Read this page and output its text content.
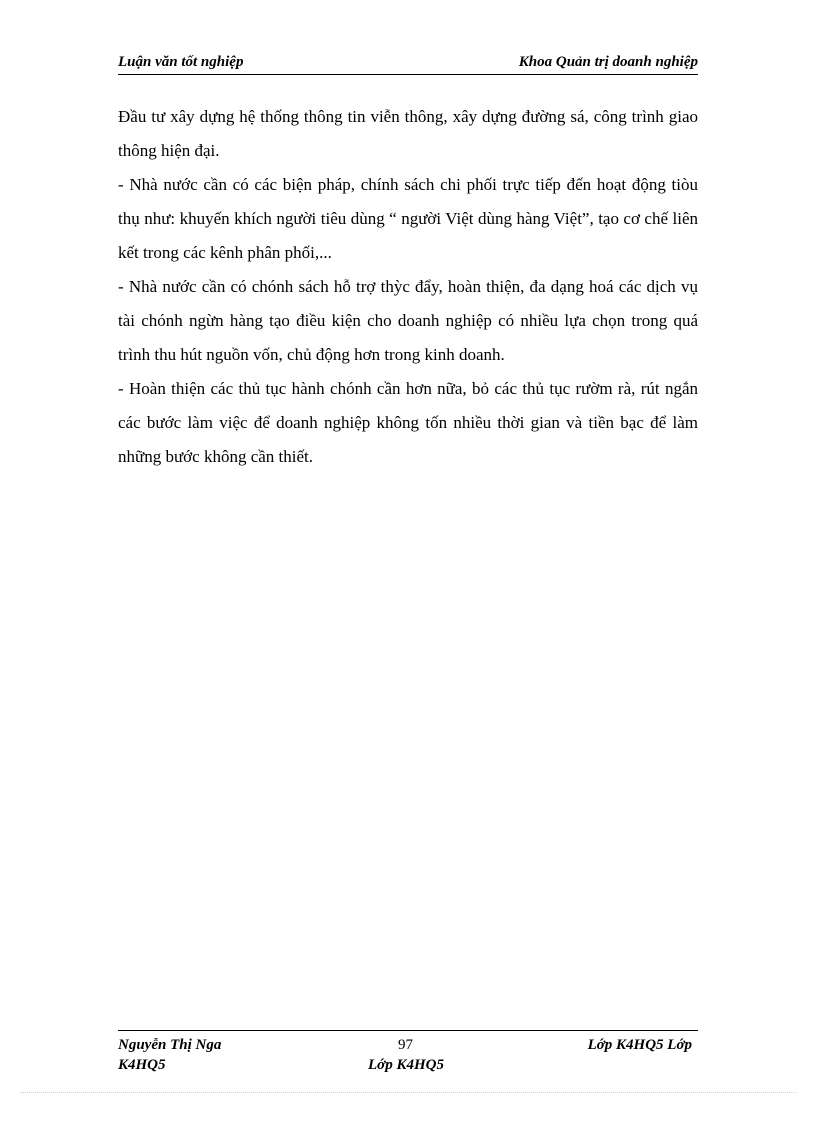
Luận văn tốt nghiệp	Khoa Quản trị doanh nghiệp

Đầu tư xây dựng hệ thống thông tin viễn thông, xây dựng đường sá, công trình giao thông hiện đại.

- Nhà nước cần có các biện pháp, chính sách chi phối trực tiếp đến hoạt động tiòu thụ như: khuyến khích người tiêu dùng “ người Việt dùng hàng Việt”, tạo cơ chế liên kết trong các kênh phân phối,...

- Nhà nước cần có chónh sách hỗ trợ thỳc đẩy, hoàn thiện, đa dạng hoá các dịch vụ tài chónh ngừn hàng tạo điều kiện cho doanh nghiệp có nhiều lựa chọn trong quá trình thu hút nguồn vốn, chủ động hơn trong kinh doanh.

- Hoàn thiện các thủ tục hành chónh cần hơn nữa, bỏ các thủ tục rườm rà, rút ngắn các bước làm việc để doanh nghiệp không tốn nhiều thời gian và tiền bạc để làm những bước không cần thiết.

Nguyễn Thị Nga	97	Lớp K4HQ5 Lớp
K4HQ5	Lớp K4HQ5
